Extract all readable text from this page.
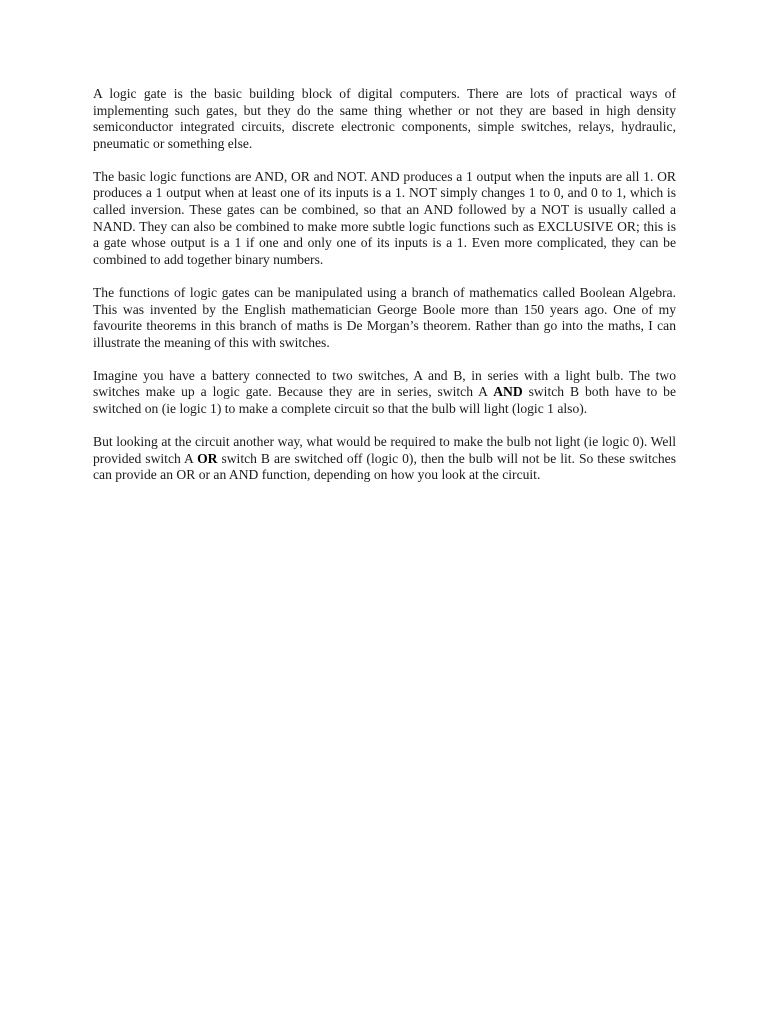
A logic gate is the basic building block of digital computers. There are lots of practical ways of implementing such gates, but they do the same thing whether or not they are based in high density semiconductor integrated circuits, discrete electronic components, simple switches, relays, hydraulic, pneumatic or something else.

The basic logic functions are AND, OR and NOT. AND produces a 1 output when the inputs are all 1. OR produces a 1 output when at least one of its inputs is a 1. NOT simply changes 1 to 0, and 0 to 1, which is called inversion. These gates can be combined, so that an AND followed by a NOT is usually called a NAND. They can also be combined to make more subtle logic functions such as EXCLUSIVE OR; this is a gate whose output is a 1 if one and only one of its inputs is a 1. Even more complicated, they can be combined to add together binary numbers.

The functions of logic gates can be manipulated using a branch of mathematics called Boolean Algebra. This was invented by the English mathematician George Boole more than 150 years ago. One of my favourite theorems in this branch of maths is De Morgan’s theorem. Rather than go into the maths, I can illustrate the meaning of this with switches.

Imagine you have a battery connected to two switches, A and B, in series with a light bulb. The two switches make up a logic gate. Because they are in series, switch A AND switch B both have to be switched on (ie logic 1) to make a complete circuit so that the bulb will light (logic 1 also).

But looking at the circuit another way, what would be required to make the bulb not light (ie logic 0). Well provided switch A OR switch B are switched off (logic 0), then the bulb will not be lit. So these switches can provide an OR or an AND function, depending on how you look at the circuit.
